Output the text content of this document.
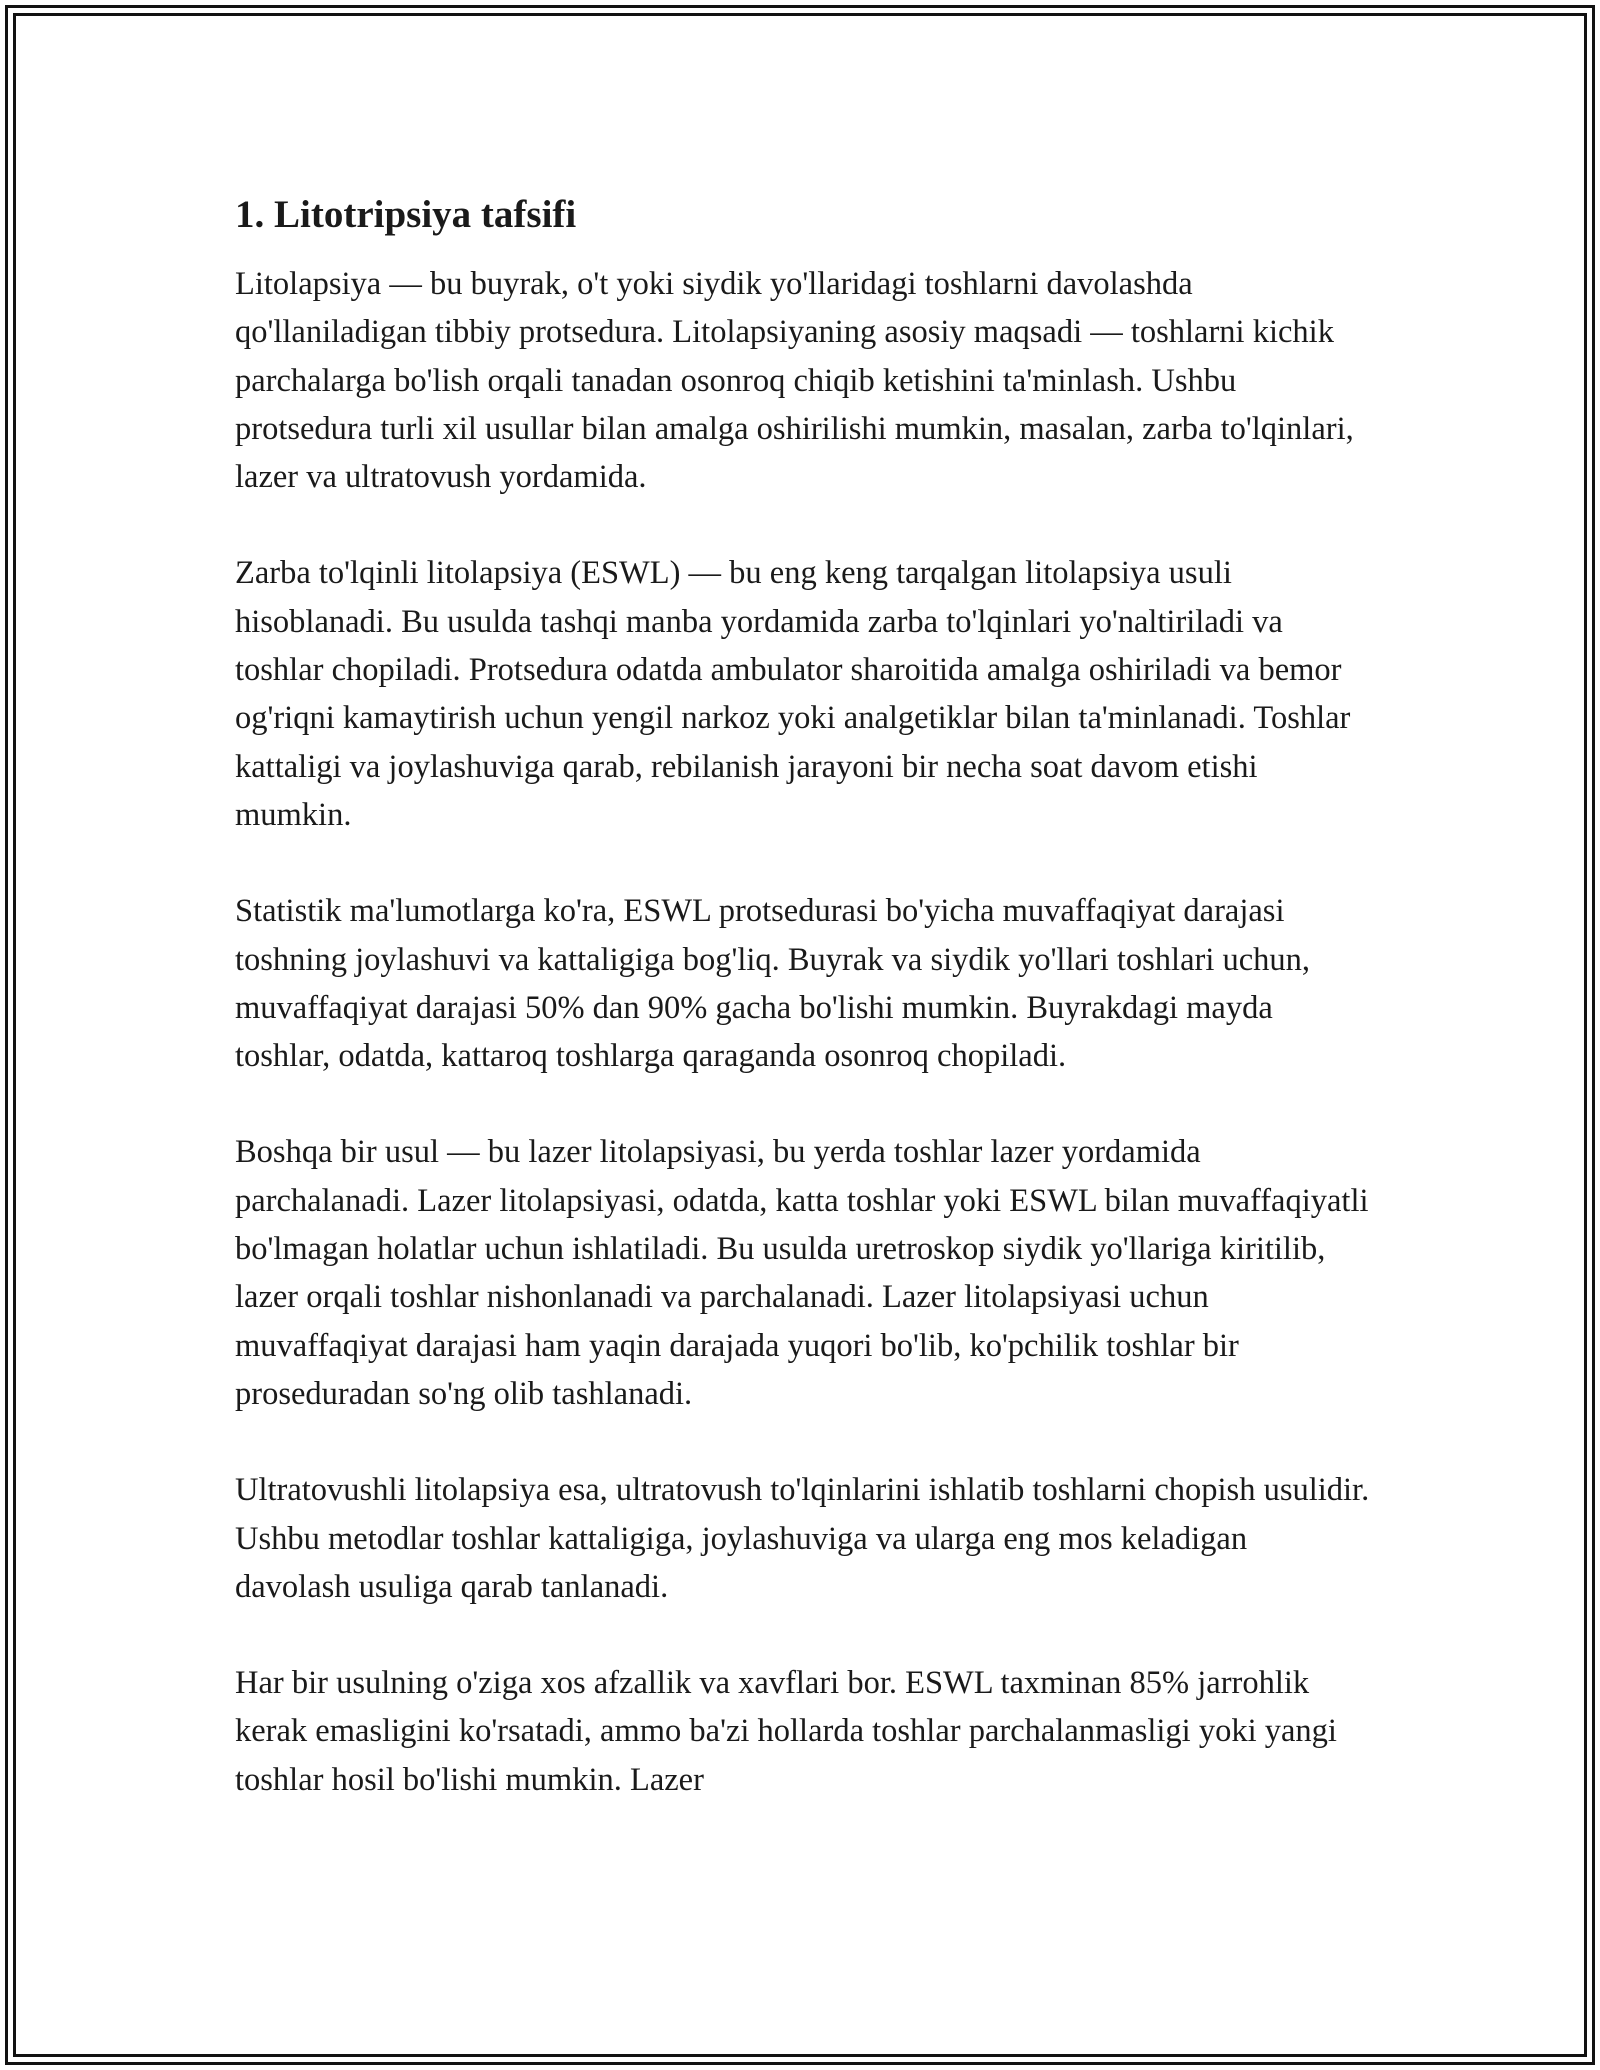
1. Litotripsiya tafsifi

Litolapsiya — bu buyrak, o't yoki siydik yo'llaridagi toshlarni davolashda qo'llaniladigan tibbiy protsedura. Litolapsiyaning asosiy maqsadi — toshlarni kichik parchalarga bo'lish orqali tanadan osonroq chiqib ketishini ta'minlash. Ushbu protsedura turli xil usullar bilan amalga oshirilishi mumkin, masalan, zarba to'lqinlari, lazer va ultratovush yordamida.

Zarba to'lqinli litolapsiya (ESWL) — bu eng keng tarqalgan litolapsiya usuli hisoblanadi. Bu usulda tashqi manba yordamida zarba to'lqinlari yo'naltiriladi va toshlar chopiladi. Protsedura odatda ambulator sharoitida amalga oshiriladi va bemor og'riqni kamaytirish uchun yengil narkoz yoki analgetiklar bilan ta'minlanadi. Toshlar kattaligi va joylashuviga qarab, rebilanish jarayoni bir necha soat davom etishi mumkin.

Statistik ma'lumotlarga ko'ra, ESWL protsedurasi bo'yicha muvaffaqiyat darajasi toshning joylashuvi va kattaligiga bog'liq. Buyrak va siydik yo'llari toshlari uchun, muvaffaqiyat darajasi 50% dan 90% gacha bo'lishi mumkin. Buyrakdagi mayda toshlar, odatda, kattaroq toshlarga qaraganda osonroq chopiladi.

Boshqa bir usul — bu lazer litolapsiyasi, bu yerda toshlar lazer yordamida parchalanadi. Lazer litolapsiyasi, odatda, katta toshlar yoki ESWL bilan muvaffaqiyatli bo'lmagan holatlar uchun ishlatiladi. Bu usulda uretroskop siydik yo'llariga kiritilib, lazer orqali toshlar nishonlanadi va parchalanadi. Lazer litolapsiyasi uchun muvaffaqiyat darajasi ham yaqin darajada yuqori bo'lib, ko'pchilik toshlar bir proseduradan so'ng olib tashlanadi.

Ultratovushli litolapsiya esa, ultratovush to'lqinlarini ishlatib toshlarni chopish usulidir. Ushbu metodlar toshlar kattaligiga, joylashuviga va ularga eng mos keladigan davolash usuliga qarab tanlanadi.

Har bir usulning o'ziga xos afzallik va xavflari bor. ESWL taxminan 85% jarrohlik kerak emasligini ko'rsatadi, ammo ba'zi hollarda toshlar parchalanmasligi yoki yangi toshlar hosil bo'lishi mumkin. Lazer
